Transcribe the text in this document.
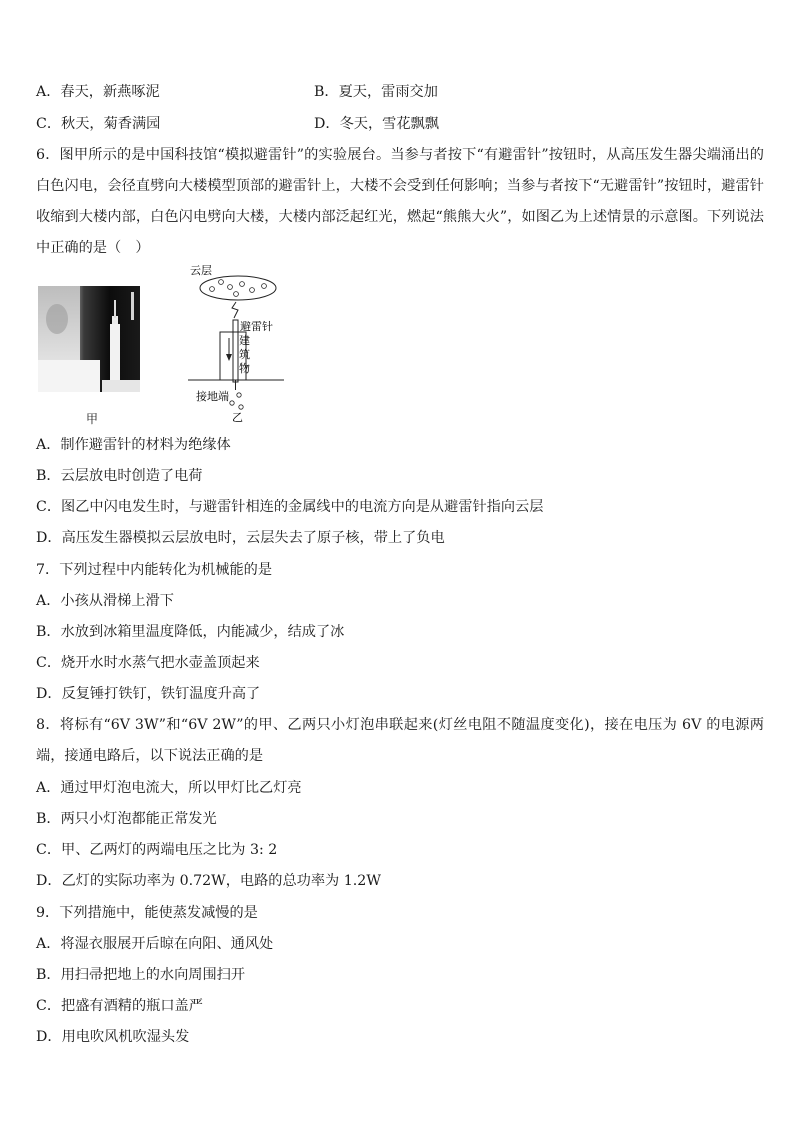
A．春天，新燕啄泥	B．夏天，雷雨交加
C．秋天，菊香满园	D．冬天，雪花飘飘
6．图甲所示的是中国科技馆“模拟避雷针”的实验展台。当参与者按下“有避雷针”按钮时，从高压发生器尖端涌出的白色闪电，会径直劈向大楼模型顶部的避雷针上，大楼不会受到任何影响；当参与者按下“无避雷针”按钮时，避雷针收缩到大楼内部，白色闪电劈向大楼，大楼内部泛起红光，燃起“熊熊大火”，如图乙为上述情景的示意图。下列说法中正确的是（　）
甲
云层
避雷针
建
筑
物
接地端
乙
A．制作避雷针的材料为绝缘体
B．云层放电时创造了电荷
C．图乙中闪电发生时，与避雷针相连的金属线中的电流方向是从避雷针指向云层
D．高压发生器模拟云层放电时，云层失去了原子核，带上了负电
7．下列过程中内能转化为机械能的是
A．小孩从滑梯上滑下
B．水放到冰箱里温度降低，内能减少，结成了冰
C．烧开水时水蒸气把水壶盖顶起来
D．反复锤打铁钉，铁钉温度升高了
8．将标有“6V 3W”和“6V 2W”的甲、乙两只小灯泡串联起来(灯丝电阻不随温度变化)，接在电压为 6V 的电源两端，接通电路后，以下说法正确的是
A．通过甲灯泡电流大，所以甲灯比乙灯亮
B．两只小灯泡都能正常发光
C．甲、乙两灯的两端电压之比为 3: 2
D．乙灯的实际功率为 0.72W，电路的总功率为 1.2W
9．下列措施中，能使蒸发减慢的是
A．将湿衣服展开后晾在向阳、通风处
B．用扫帚把地上的水向周围扫开
C．把盛有酒精的瓶口盖严
D．用电吹风机吹湿头发
